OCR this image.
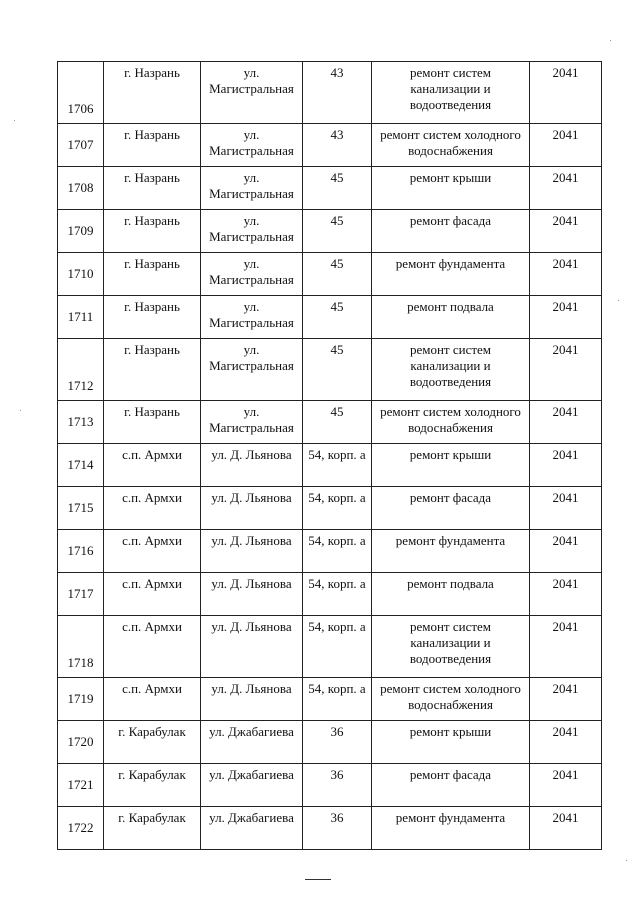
1706	г. Назрань	ул. Магистральная	43	ремонт систем канализации и водоотведения	2041
1707	г. Назрань	ул. Магистральная	43	ремонт систем холодного водоснабжения	2041
1708	г. Назрань	ул. Магистральная	45	ремонт крыши	2041
1709	г. Назрань	ул. Магистральная	45	ремонт фасада	2041
1710	г. Назрань	ул. Магистральная	45	ремонт фундамента	2041
1711	г. Назрань	ул. Магистральная	45	ремонт подвала	2041
1712	г. Назрань	ул. Магистральная	45	ремонт систем канализации и водоотведения	2041
1713	г. Назрань	ул. Магистральная	45	ремонт систем холодного водоснабжения	2041
1714	с.п. Армхи	ул. Д. Льянова	54, корп. а	ремонт крыши	2041
1715	с.п. Армхи	ул. Д. Льянова	54, корп. а	ремонт фасада	2041
1716	с.п. Армхи	ул. Д. Льянова	54, корп. а	ремонт фундамента	2041
1717	с.п. Армхи	ул. Д. Льянова	54, корп. а	ремонт подвала	2041
1718	с.п. Армхи	ул. Д. Льянова	54, корп. а	ремонт систем канализации и водоотведения	2041
1719	с.п. Армхи	ул. Д. Льянова	54, корп. а	ремонт систем холодного водоснабжения	2041
1720	г. Карабулак	ул. Джабагиева	36	ремонт крыши	2041
1721	г. Карабулак	ул. Джабагиева	36	ремонт фасада	2041
1722	г. Карабулак	ул. Джабагиева	36	ремонт фундамента	2041
